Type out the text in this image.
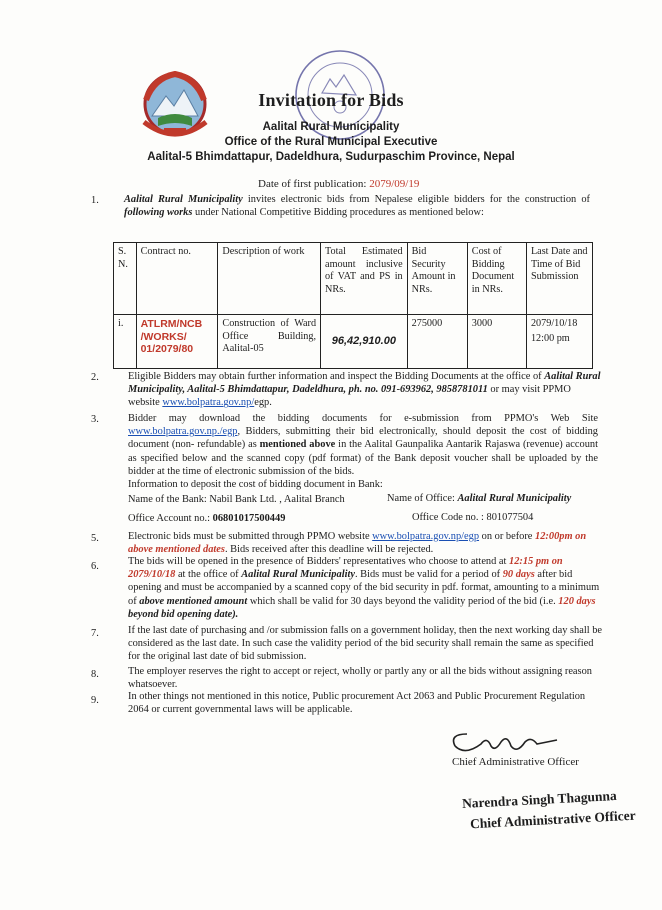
Invitation for Bids
Aalital Rural Municipality
Office of the Rural Municipal Executive
Aalital-5 Bhimdattapur, Dadeldhura, Sudurpaschim Province, Nepal
Date of first publication: 2079/09/19
1. Aalital Rural Municipality invites electronic bids from Nepalese eligible bidders for the construction of following works under National Competitive Bidding procedures as mentioned below:
S. N.	Contract no.	Description of work	Total Estimated amount inclusive of VAT and PS in NRs.	Bid Security Amount in NRs.	Cost of Bidding Document in NRs.	Last Date and Time of Bid Submission
i.	ATLRM/NCB /WORKS/ 01/2079/80	Construction of Ward Office Building, Aalital-05	96,42,910.00	275000	3000	2079/10/18
12:00 pm
2.	Eligible Bidders may obtain further information and inspect the Bidding Documents at the office of Aalital Rural Municipality, Aalital-5 Bhimdattapur, Dadeldhura, ph. no. 091-693962, 9858781011 or may visit PPMO website www.bolpatra.gov.np/egp.
3.	Bidder may download the bidding documents for e-submission from PPMO's Web Site www.bolpatra.gov.np./egp, Bidders, submitting their bid electronically, should deposit the cost of bidding document (non- refundable) as mentioned above in the Aalital Gaunpalika Aantarik Rajaswa (revenue) account as specified below and the scanned copy (pdf format) of the Bank deposit voucher shall be uploaded by the bidder at the time of electronic submission of the bids.
Information to deposit the cost of bidding document in Bank:
Name of the Bank: Nabil Bank Ltd. , Aalital Branch	Name of Office: Aalital Rural Municipality
Office Account no.: 06801017500449	Office Code no. : 801077504
5.	Electronic bids must be submitted through PPMO website www.bolpatra.gov.np/egp on or before 12:00pm on above mentioned dates. Bids received after this deadline will be rejected.
6.	The bids will be opened in the presence of Bidders' representatives who choose to attend at 12:15 pm on 2079/10/18 at the office of Aalital Rural Municipality. Bids must be valid for a period of 90 days after bid opening and must be accompanied by a scanned copy of the bid security in pdf. format, amounting to a minimum of above mentioned amount which shall be valid for 30 days beyond the validity period of the bid (i.e. 120 days beyond bid opening date).
7.	If the last date of purchasing and /or submission falls on a government holiday, then the next working day shall be considered as the last date. In such case the validity period of the bid security shall remain the same as specified for the original last date of bid submission.
8.	The employer reserves the right to accept or reject, wholly or partly any or all the bids without assigning reason whatsoever.
9.	In other things not mentioned in this notice, Public procurement Act 2063 and Public Procurement Regulation 2064 or current governmental laws will be applicable.
Chief Administrative Officer
Narendra Singh Thagunna
Chief Administrative Officer
